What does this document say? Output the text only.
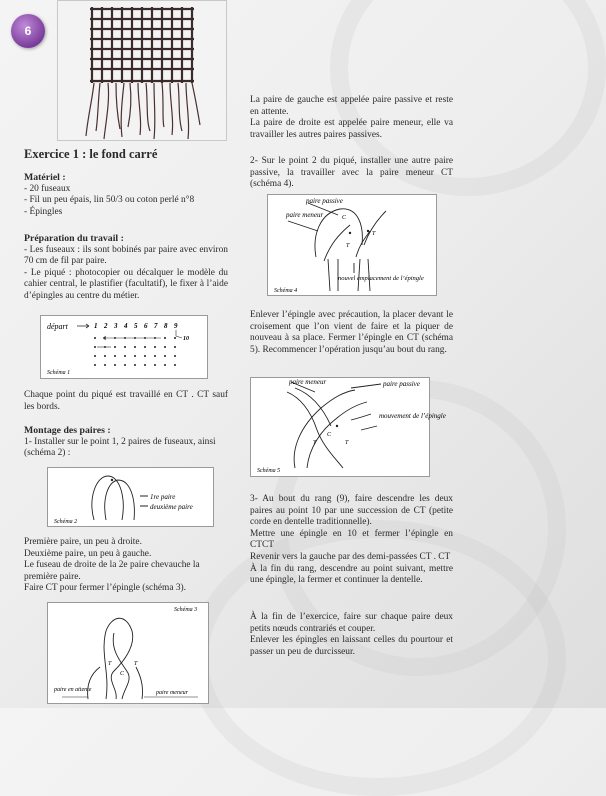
6

Exercice 1 : le fond carré

Matériel :

- 20 fuseaux

- Fil un peu épais, lin 50/3 ou coton perlé n°8

- Épingles

Préparation du travail :

- Les fuseaux : ils sont bobinés par paire avec environ 70 cm de fil par paire.

- Le piqué : photocopier ou décalquer le modèle du cahier central, le plastifier (facultatif), le fixer à l’aide d’épingles au centre du métier.

départ	1 2 3 4 5 6 7 8 9
10
Schéma 1

Chaque point du piqué est travaillé en CT . CT sauf les bords.

Montage des paires :

1- Installer sur le point 1, 2 paires de fuseaux, ainsi (schéma 2) :

1re paire
deuxième paire
Schéma 2

Première paire, un peu à droite.

Deuxième paire, un peu à gauche.

Le fuseau de droite de la 2e paire chevauche la première paire.

Faire CT pour fermer l’épingle (schéma 3).

T	T
C
paire en attente	paire meneur
Schéma 3

La paire de gauche est appelée paire passive et reste en attente.

La paire de droite est appelée paire meneur, elle va travailler les autres paires passives.

2- Sur le point 2 du piqué, installer une autre paire passive, la travailler avec la paire meneur CT (schéma 4).

paire passive
paire meneur	C
T
T
nouvel emplacement de l’épingle
Schéma 4

Enlever l’épingle avec précaution, la placer devant le croisement que l’on vient de faire et la piquer de nouveau à sa place. Fermer l’épingle en CT (schéma 5). Recommencer l’opération jusqu’au bout du rang.

paire meneur	paire passive
mouvement de l’épingle
C
T	T
Schéma 5

3- Au bout du rang (9), faire descendre les deux paires au point 10 par une succession de CT (petite corde en dentelle traditionnelle).

Mettre une épingle en 10 et fermer l’épingle en CTCT

Revenir vers la gauche par des demi-passées CT . CT

À la fin du rang, descendre au point suivant, mettre une épingle, la fermer et continuer la dentelle.

À la fin de l’exercice, faire sur chaque paire deux petits nœuds contrariés et couper.

Enlever les épingles en laissant celles du pourtour et passer un peu de durcisseur.
